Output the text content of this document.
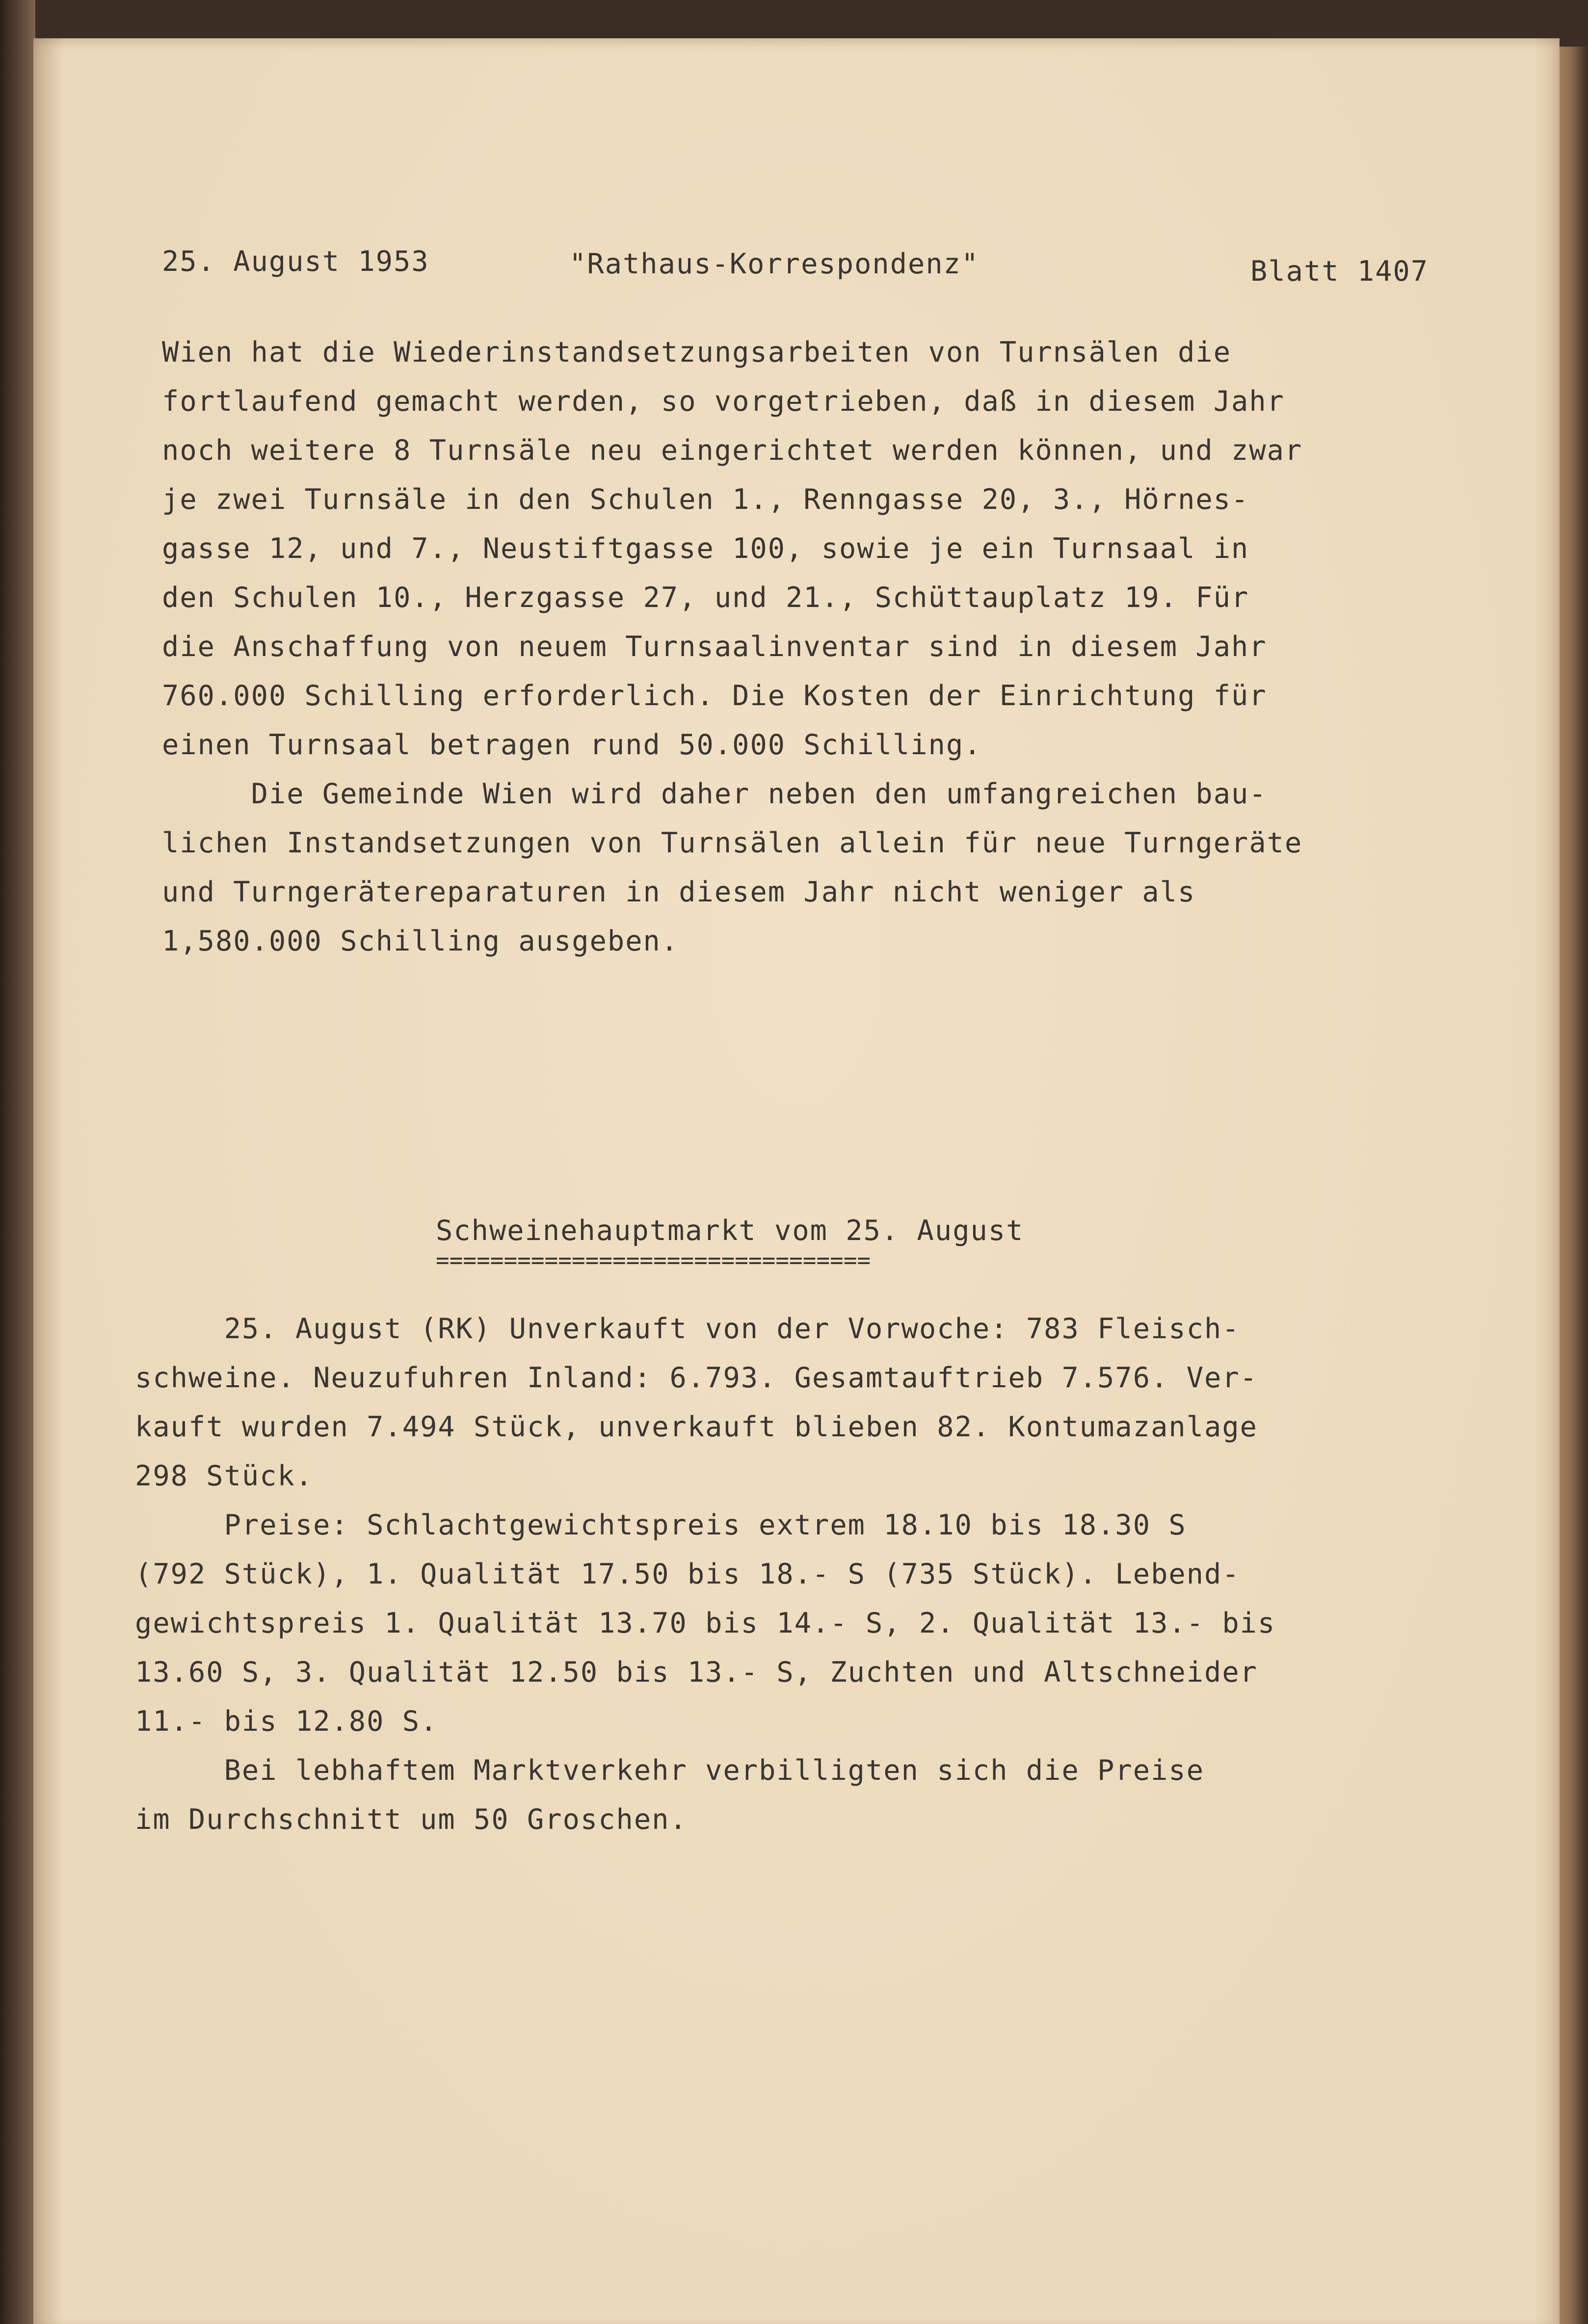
25. August 1953	"Rathaus-Korrespondenz"	Blatt 1407

Wien hat die Wiederinstandsetzungsarbeiten von Turnsälen die

fortlaufend gemacht werden, so vorgetrieben, daß in diesem Jahr

noch weitere 8 Turnsäle neu eingerichtet werden können, und zwar

je zwei Turnsäle in den Schulen 1., Renngasse 20, 3., Hörnes-

gasse 12, und 7., Neustiftgasse 100, sowie je ein Turnsaal in

den Schulen 10., Herzgasse 27, und 21., Schüttauplatz 19. Für

die Anschaffung von neuem Turnsaalinventar sind in diesem Jahr

760.000 Schilling erforderlich. Die Kosten der Einrichtung für

einen Turnsaal betragen rund 50.000 Schilling.

Die Gemeinde Wien wird daher neben den umfangreichen bau-

lichen Instandsetzungen von Turnsälen allein für neue Turngeräte

und Turngerätereparaturen in diesem Jahr nicht weniger als

1,580.000 Schilling ausgeben.

Schweinehauptmarkt vom 25. August
================================

25. August (RK) Unverkauft von der Vorwoche: 783 Fleisch-

schweine. Neuzufuhren Inland: 6.793. Gesamtauftrieb 7.576. Ver-

kauft wurden 7.494 Stück, unverkauft blieben 82. Kontumazanlage

298 Stück.

Preise: Schlachtgewichtspreis extrem 18.10 bis 18.30 S

(792 Stück), 1. Qualität 17.50 bis 18.- S (735 Stück). Lebend-

gewichtspreis 1. Qualität 13.70 bis 14.- S, 2. Qualität 13.- bis

13.60 S, 3. Qualität 12.50 bis 13.- S, Zuchten und Altschneider

11.- bis 12.80 S.

Bei lebhaftem Marktverkehr verbilligten sich die Preise

im Durchschnitt um 50 Groschen.
